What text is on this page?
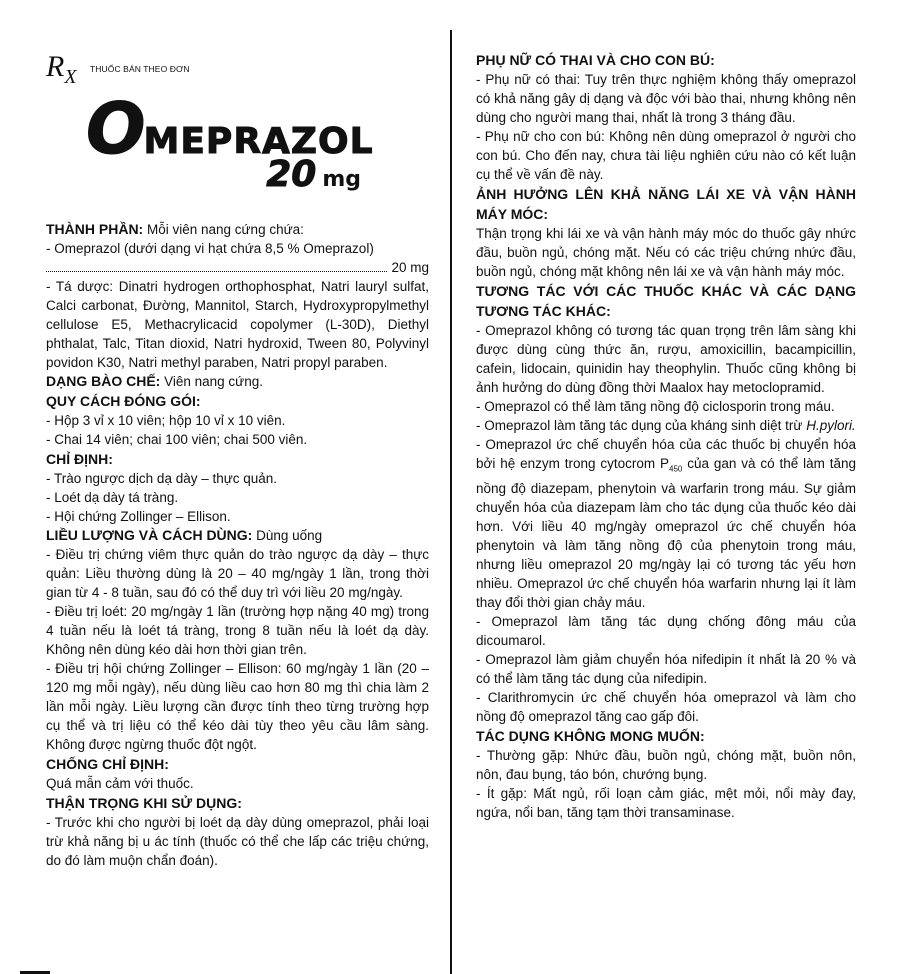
$R_X$ THUỐC BÁN THEO ĐƠN
OMEPRAZOL
20 mg

THÀNH PHẦN: Mỗi viên nang cứng chứa:

- Omeprazol (dưới dạng vi hạt chứa 8,5 % Omeprazol)

20 mg

- Tá dược: Dinatri hydrogen orthophosphat, Natri lauryl sulfat, Calci carbonat, Đường, Mannitol, Starch, Hydroxypropylmethyl cellulose E5, Methacrylicacid copolymer (L-30D), Diethyl phthalat, Talc, Titan dioxid, Natri hydroxid, Tween 80, Polyvinyl povidon K30, Natri methyl paraben, Natri propyl paraben.

DẠNG BÀO CHẾ: Viên nang cứng.

QUY CÁCH ĐÓNG GÓI:

- Hộp 3 vỉ x 10 viên; hộp 10 vỉ x 10 viên.

- Chai 14 viên; chai 100 viên; chai 500 viên.

CHỈ ĐỊNH:

- Trào ngược dịch dạ dày – thực quản.

- Loét dạ dày tá tràng.

- Hội chứng Zollinger – Ellison.

LIỀU LƯỢNG VÀ CÁCH DÙNG: Dùng uống

- Điều trị chứng viêm thực quản do trào ngược dạ dày – thực quản: Liều thường dùng là 20 – 40 mg/ngày 1 lần, trong thời gian từ 4 - 8 tuần, sau đó có thể duy trì với liều 20 mg/ngày.

- Điều trị loét: 20 mg/ngày 1 lần (trường hợp nặng 40 mg) trong 4 tuần nếu là loét tá tràng, trong 8 tuần nếu là loét dạ dày. Không nên dùng kéo dài hơn thời gian trên.

- Điều trị hội chứng Zollinger – Ellison: 60 mg/ngày 1 lần (20 – 120 mg mỗi ngày), nếu dùng liều cao hơn 80 mg thì chia làm 2 lần mỗi ngày. Liều lượng cần được tính theo từng trường hợp cụ thể và trị liệu có thể kéo dài tùy theo yêu cầu lâm sàng. Không được ngừng thuốc đột ngột.

CHỐNG CHỈ ĐỊNH:

Quá mẫn cảm với thuốc.

THẬN TRỌNG KHI SỬ DỤNG:

- Trước khi cho người bị loét dạ dày dùng omeprazol, phải loại trừ khả năng bị u ác tính (thuốc có thể che lấp các triệu chứng, do đó làm muộn chẩn đoán).

PHỤ NỮ CÓ THAI VÀ CHO CON BÚ:

- Phụ nữ có thai: Tuy trên thực nghiệm không thấy omeprazol có khả năng gây dị dạng và độc với bào thai, nhưng không nên dùng cho người mang thai, nhất là trong 3 tháng đầu.

- Phụ nữ cho con bú: Không nên dùng omeprazol ở người cho con bú. Cho đến nay, chưa tài liệu nghiên cứu nào có kết luận cụ thể về vấn đề này.

ẢNH HƯỞNG LÊN KHẢ NĂNG LÁI XE VÀ VẬN HÀNH MÁY MÓC:

Thận trọng khi lái xe và vận hành máy móc do thuốc gây nhức đầu, buồn ngủ, chóng mặt. Nếu có các triệu chứng nhức đầu, buồn ngủ, chóng mặt không nên lái xe và vận hành máy móc.

TƯƠNG TÁC VỚI CÁC THUỐC KHÁC VÀ CÁC DẠNG TƯƠNG TÁC KHÁC:

- Omeprazol không có tương tác quan trọng trên lâm sàng khi được dùng cùng thức ăn, rượu, amoxicillin, bacampicillin, cafein, lidocain, quinidin hay theophylin. Thuốc cũng không bị ảnh hưởng do dùng đồng thời Maalox hay metoclopramid.

- Omeprazol có thể làm tăng nồng độ ciclosporin trong máu.

- Omeprazol làm tăng tác dụng của kháng sinh diệt trừ H.pylori.

- Omeprazol ức chế chuyển hóa của các thuốc bị chuyển hóa bởi hệ enzym trong cytocrom $P_{450}$ của gan và có thể làm tăng nồng độ diazepam, phenytoin và warfarin trong máu. Sự giảm chuyển hóa của diazepam làm cho tác dụng của thuốc kéo dài hơn. Với liều 40 mg/ngày omeprazol ức chế chuyển hóa phenytoin và làm tăng nồng độ của phenytoin trong máu, nhưng liều omeprazol 20 mg/ngày lại có tương tác yếu hơn nhiều. Omeprazol ức chế chuyển hóa warfarin nhưng lại ít làm thay đổi thời gian chảy máu.

- Omeprazol làm tăng tác dụng chống đông máu của dicoumarol.

- Omeprazol làm giảm chuyển hóa nifedipin ít nhất là 20 % và có thể làm tăng tác dụng của nifedipin.

- Clarithromycin ức chế chuyển hóa omeprazol và làm cho nồng độ omeprazol tăng cao gấp đôi.

TÁC DỤNG KHÔNG MONG MUỐN:

- Thường gặp: Nhức đầu, buồn ngủ, chóng mặt, buồn nôn, nôn, đau bụng, táo bón, chướng bụng.

- Ít gặp: Mất ngủ, rối loạn cảm giác, mệt mỏi, nổi mày đay, ngứa, nổi ban, tăng tạm thời transaminase.
